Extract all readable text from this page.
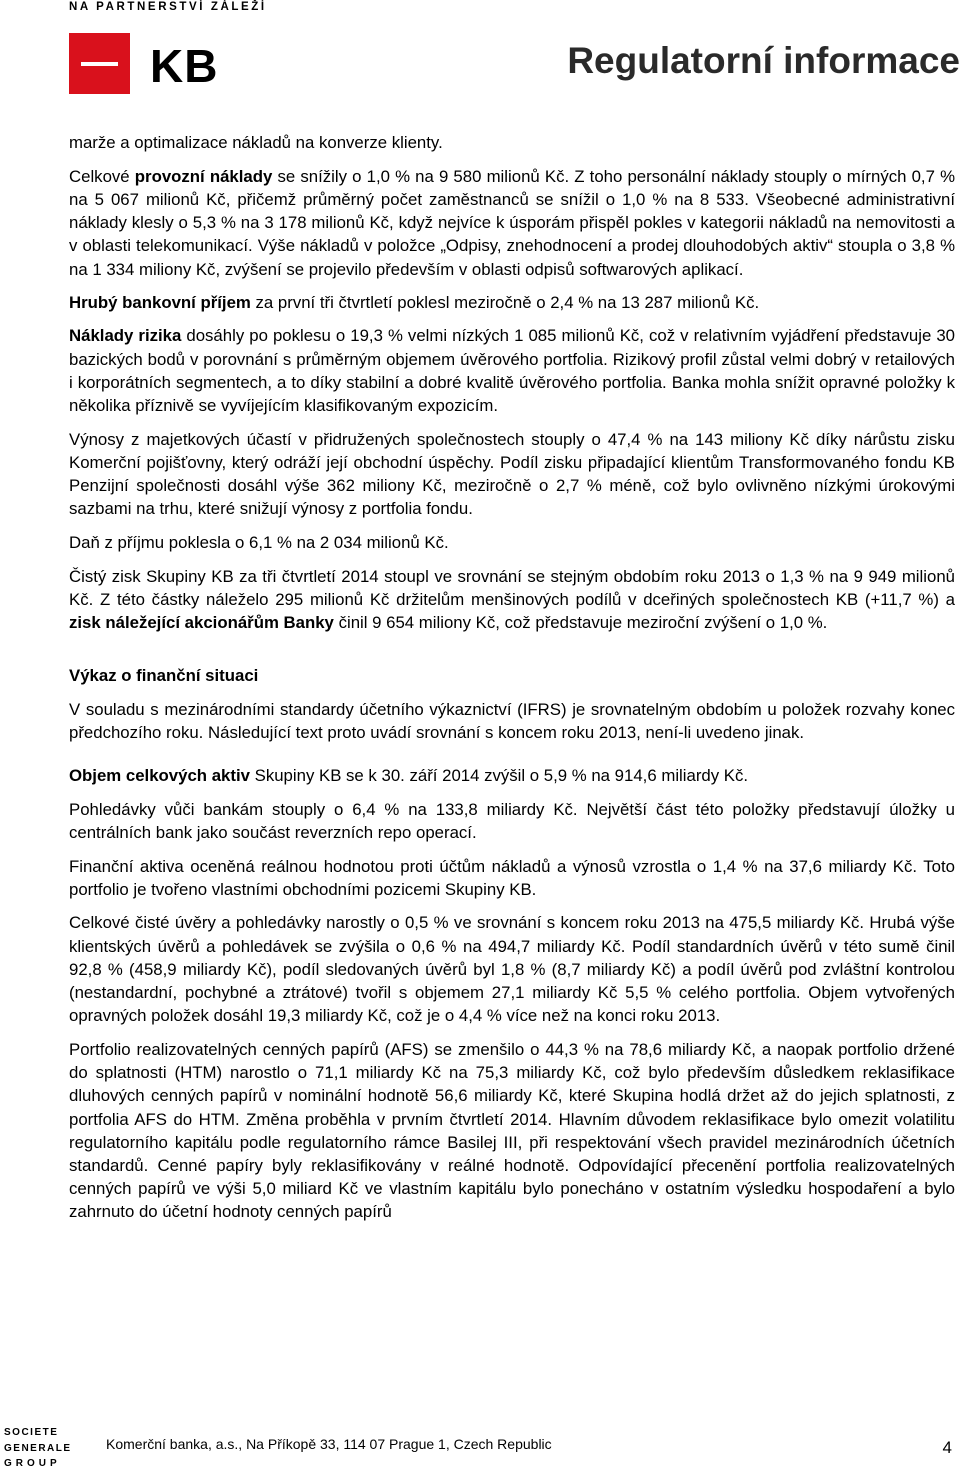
NA PARTNERSTVÍ ZÁLEŽÍ
KB	Regulatorní informace

marže a optimalizace nákladů na konverze klienty.

Celkové provozní náklady se snížily o 1,0 % na 9 580 milionů Kč. Z toho personální náklady stouply o mírných 0,7 % na 5 067 milionů Kč, přičemž průměrný počet zaměstnanců se snížil o 1,0 % na 8 533. Všeobecné administrativní náklady klesly o 5,3 % na 3 178 milionů Kč, když nejvíce k úsporám přispěl pokles v kategorii nákladů na nemovitosti a v oblasti telekomunikací. Výše nákladů v položce „Odpisy, znehodnocení a prodej dlouhodobých aktiv“ stoupla o 3,8 % na 1 334 miliony Kč, zvýšení se projevilo především v oblasti odpisů softwarových aplikací.

Hrubý bankovní příjem za první tři čtvrtletí poklesl meziročně o 2,4 % na 13 287 milionů Kč.

Náklady rizika dosáhly po poklesu o 19,3 % velmi nízkých 1 085 milionů Kč, což v relativním vyjádření představuje 30 bazických bodů v porovnání s průměrným objemem úvěrového portfolia. Rizikový profil zůstal velmi dobrý v retailových i korporátních segmentech, a to díky stabilní a dobré kvalitě úvěrového portfolia. Banka mohla snížit opravné položky k několika příznivě se vyvíjejícím klasifikovaným expozicím.

Výnosy z majetkových účastí v přidružených společnostech stouply o 47,4 % na 143 miliony Kč díky nárůstu zisku Komerční pojišťovny, který odráží její obchodní úspěchy. Podíl zisku připadající klientům Transformovaného fondu KB Penzijní společnosti dosáhl výše 362 miliony Kč, meziročně o 2,7 % méně, což bylo ovlivněno nízkými úrokovými sazbami na trhu, které snižují výnosy z portfolia fondu.

Daň z příjmu poklesla o 6,1 % na 2 034 milionů Kč.

Čistý zisk Skupiny KB za tři čtvrtletí 2014 stoupl ve srovnání se stejným obdobím roku 2013 o 1,3 % na 9 949 milionů Kč. Z této částky náleželo 295 milionů Kč držitelům menšinových podílů v dceřiných společnostech KB (+11,7 %) a zisk náležející akcionářům Banky činil 9 654 miliony Kč, což představuje meziroční zvýšení o 1,0 %.

Výkaz o finanční situaci

V souladu s mezinárodními standardy účetního výkaznictví (IFRS) je srovnatelným obdobím u položek rozvahy konec předchozího roku. Následující text proto uvádí srovnání s koncem roku 2013, není-li uvedeno jinak.

Objem celkových aktiv Skupiny KB se k 30. září 2014 zvýšil o 5,9 % na 914,6 miliardy Kč.

Pohledávky vůči bankám stouply o 6,4 % na 133,8 miliardy Kč. Největší část této položky představují úložky u centrálních bank jako součást reverzních repo operací.

Finanční aktiva oceněná reálnou hodnotou proti účtům nákladů a výnosů vzrostla o 1,4 % na 37,6 miliardy Kč. Toto portfolio je tvořeno vlastními obchodními pozicemi Skupiny KB.

Celkové čisté úvěry a pohledávky narostly o 0,5 % ve srovnání s koncem roku 2013 na 475,5 miliardy Kč. Hrubá výše klientských úvěrů a pohledávek se zvýšila o 0,6 % na 494,7 miliardy Kč. Podíl standardních úvěrů v této sumě činil 92,8 % (458,9 miliardy Kč), podíl sledovaných úvěrů byl 1,8 % (8,7 miliardy Kč) a podíl úvěrů pod zvláštní kontrolou (nestandardní, pochybné a ztrátové) tvořil s objemem 27,1 miliardy Kč 5,5 % celého portfolia. Objem vytvořených opravných položek dosáhl 19,3 miliardy Kč, což je o 4,4 % více než na konci roku 2013.

Portfolio realizovatelných cenných papírů (AFS) se zmenšilo o 44,3 % na 78,6 miliardy Kč, a naopak portfolio držené do splatnosti (HTM) narostlo o 71,1 miliardy Kč na 75,3 miliardy Kč, což bylo především důsledkem reklasifikace dluhových cenných papírů v nominální hodnotě 56,6 miliardy Kč, které Skupina hodlá držet až do jejich splatnosti, z portfolia AFS do HTM. Změna proběhla v prvním čtvrtletí 2014. Hlavním důvodem reklasifikace bylo omezit volatilitu regulatorního kapitálu podle regulatorního rámce Basilej III, při respektování všech pravidel mezinárodních účetních standardů. Cenné papíry byly reklasifikovány v reálné hodnotě. Odpovídající přecenění portfolia realizovatelných cenných papírů ve výši 5,0 miliard Kč ve vlastním kapitálu bylo ponecháno v ostatním výsledku hospodaření a bylo zahrnuto do účetní hodnoty cenných papírů

SOCIETE
GENERALE
GROUP
Komerční banka, a.s., Na Příkopě 33, 114 07 Prague 1, Czech Republic	4
